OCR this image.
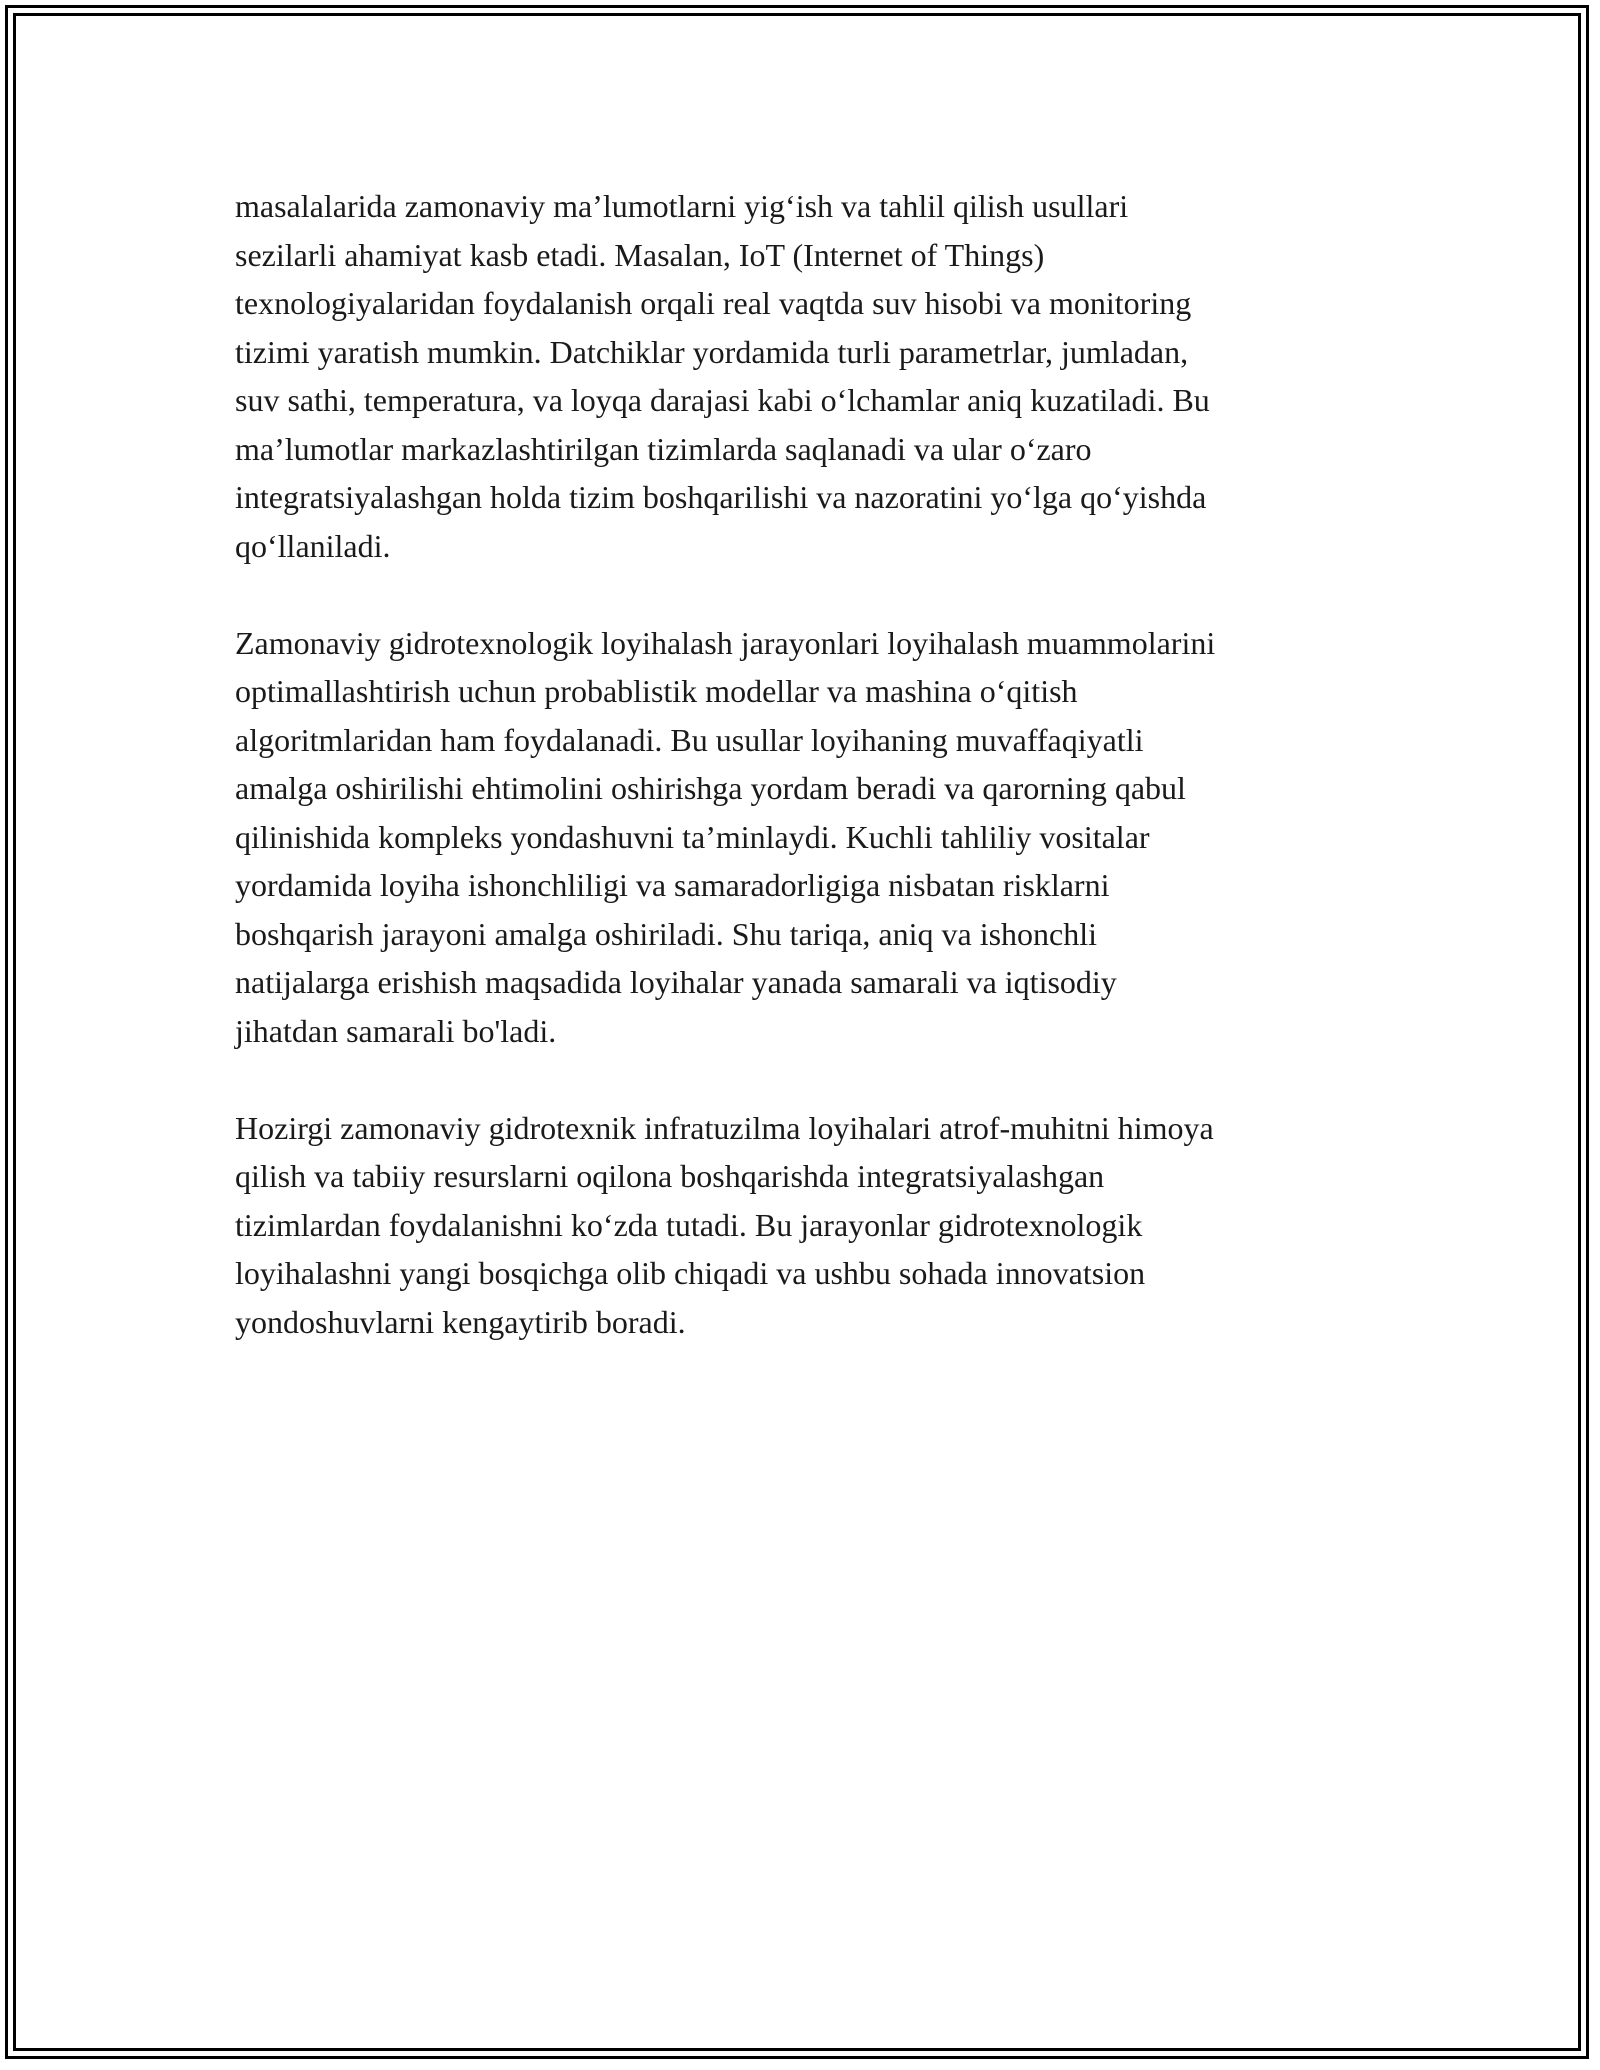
masalalarida zamonaviy ma’lumotlarni yig‘ish va tahlil qilish usullari
sezilarli ahamiyat kasb etadi. Masalan, IoT (Internet of Things)
texnologiyalaridan foydalanish orqali real vaqtda suv hisobi va monitoring
tizimi yaratish mumkin. Datchiklar yordamida turli parametrlar, jumladan,
suv sathi, temperatura, va loyqa darajasi kabi o‘lchamlar aniq kuzatiladi. Bu
ma’lumotlar markazlashtirilgan tizimlarda saqlanadi va ular o‘zaro
integratsiyalashgan holda tizim boshqarilishi va nazoratini yo‘lga qo‘yishda
qo‘llaniladi.

Zamonaviy gidrotexnologik loyihalash jarayonlari loyihalash muammolarini
optimallashtirish uchun probablistik modellar va mashina o‘qitish
algoritmlaridan ham foydalanadi. Bu usullar loyihaning muvaffaqiyatli
amalga oshirilishi ehtimolini oshirishga yordam beradi va qarorning qabul
qilinishida kompleks yondashuvni ta’minlaydi. Kuchli tahliliy vositalar
yordamida loyiha ishonchliligi va samaradorligiga nisbatan risklarni
boshqarish jarayoni amalga oshiriladi. Shu tariqa, aniq va ishonchli
natijalarga erishish maqsadida loyihalar yanada samarali va iqtisodiy
jihatdan samarali bo'ladi.

Hozirgi zamonaviy gidrotexnik infratuzilma loyihalari atrof-muhitni himoya
qilish va tabiiy resurslarni oqilona boshqarishda integratsiyalashgan
tizimlardan foydalanishni ko‘zda tutadi. Bu jarayonlar gidrotexnologik
loyihalashni yangi bosqichga olib chiqadi va ushbu sohada innovatsion
yondoshuvlarni kengaytirib boradi.
